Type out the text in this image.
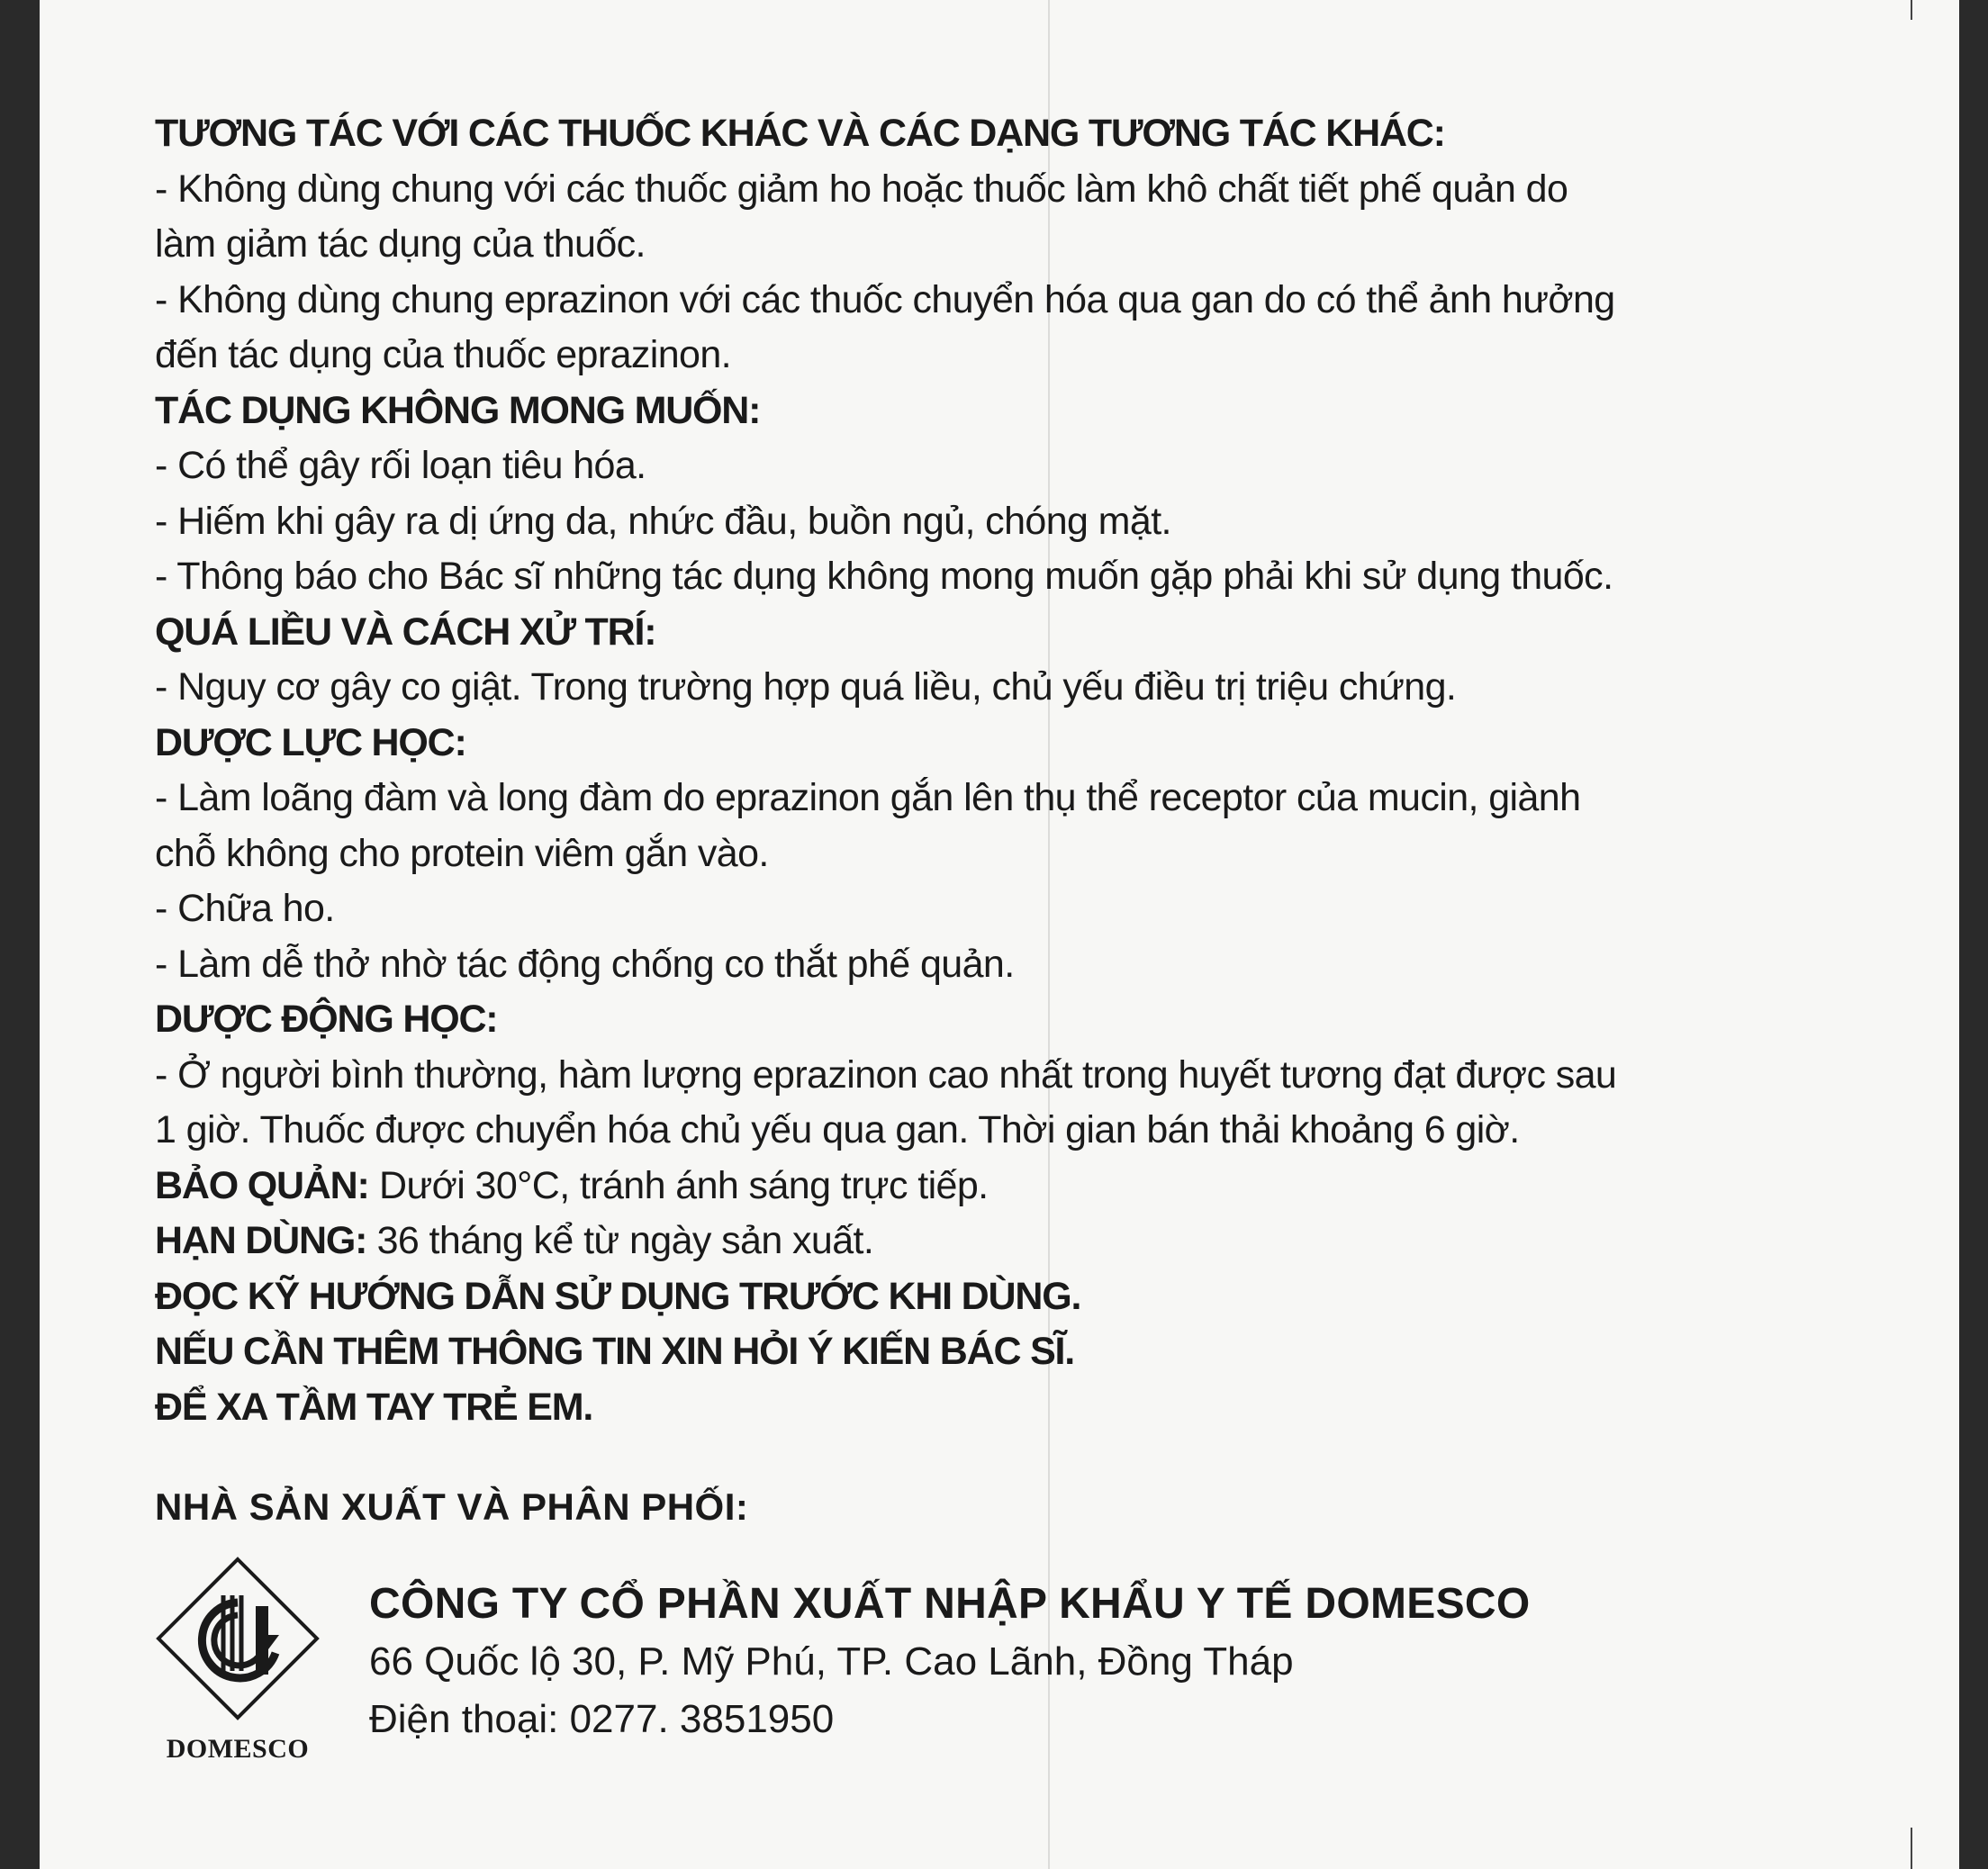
TƯƠNG TÁC VỚI CÁC THUỐC KHÁC VÀ CÁC DẠNG TƯƠNG TÁC KHÁC:
- Không dùng chung với các thuốc giảm ho hoặc thuốc làm khô chất tiết phế quản do
làm giảm tác dụng của thuốc.
- Không dùng chung eprazinon với các thuốc chuyển hóa qua gan do có thể ảnh hưởng
đến tác dụng của thuốc eprazinon.
TÁC DỤNG KHÔNG MONG MUỐN:
- Có thể gây rối loạn tiêu hóa.
- Hiếm khi gây ra dị ứng da, nhức đầu, buồn ngủ, chóng mặt.
- Thông báo cho Bác sĩ những tác dụng không mong muốn gặp phải khi sử dụng thuốc.
QUÁ LIỀU VÀ CÁCH XỬ TRÍ:
- Nguy cơ gây co giật. Trong trường hợp quá liều, chủ yếu điều trị triệu chứng.
DƯỢC LỰC HỌC:
- Làm loãng đàm và long đàm do eprazinon gắn lên thụ thể receptor của mucin, giành
chỗ không cho protein viêm gắn vào.
- Chữa ho.
- Làm dễ thở nhờ tác động chống co thắt phế quản.
DƯỢC ĐỘNG HỌC:
- Ở người bình thường, hàm lượng eprazinon cao nhất trong huyết tương đạt được sau
1 giờ. Thuốc được chuyển hóa chủ yếu qua gan. Thời gian bán thải khoảng 6 giờ.
BẢO QUẢN: Dưới 30°C, tránh ánh sáng trực tiếp.
HẠN DÙNG: 36 tháng kể từ ngày sản xuất.
ĐỌC KỸ HƯỚNG DẪN SỬ DỤNG TRƯỚC KHI DÙNG.
NẾU CẦN THÊM THÔNG TIN XIN HỎI Ý KIẾN BÁC SĨ.
ĐỂ XA TẦM TAY TRẺ EM.
NHÀ SẢN XUẤT VÀ PHÂN PHỐI:
DOMESCO
CÔNG TY CỔ PHẦN XUẤT NHẬP KHẨU Y TẾ DOMESCO
66 Quốc lộ 30, P. Mỹ Phú, TP. Cao Lãnh, Đồng Tháp
Điện thoại: 0277. 3851950
